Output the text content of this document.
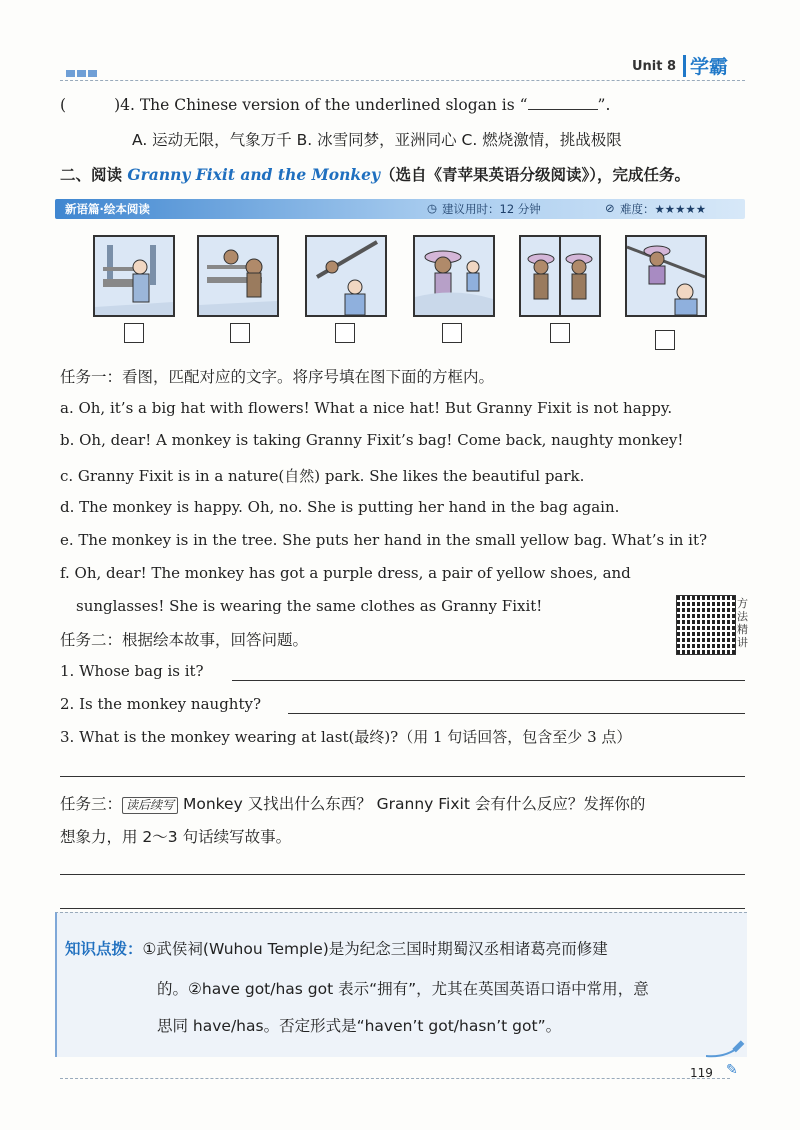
Unit 8 学霸
(	)4. The Chinese version of the underlined slogan is “	”.
A. 运动无限，气象万千 B. 冰雪同梦，亚洲同心 C. 燃烧激情，挑战极限
二、阅读 Granny Fixit and the Monkey（选自《青苹果英语分级阅读》），完成任务。
新语篇·绘本阅读	◷ 建议用时：12 分钟	⊘ 难度：★★★★★
任务一：看图，匹配对应的文字。将序号填在图下面的方框内。
a. Oh, it’s a big hat with flowers! What a nice hat! But Granny Fixit is not happy.
b. Oh, dear! A monkey is taking Granny Fixit’s bag! Come back, naughty monkey!
c. Granny Fixit is in a nature(自然) park. She likes the beautiful park.
d. The monkey is happy. Oh, no. She is putting her hand in the bag again.
e. The monkey is in the tree. She puts her hand in the small yellow bag. What’s in it?
f. Oh, dear! The monkey has got a purple dress, a pair of yellow shoes, and
sunglasses! She is wearing the same clothes as Granny Fixit!	方法精讲
任务二：根据绘本故事，回答问题。
1. Whose bag is it?
2. Is the monkey naughty?
3. What is the monkey wearing at last(最终)?（用 1 句话回答，包含至少 3 点）
任务三： 读后续写 Monkey 又找出什么东西？ Granny Fixit 会有什么反应？发挥你的
想象力，用 2～3 句话续写故事。
知识点拨：①武侯祠(Wuhou Temple)是为纪念三国时期蜀汉丞相诸葛亮而修建
的。②have got/has got 表示“拥有”，尤其在英国英语口语中常用，意
思同 have/has。否定形式是“haven’t got/hasn’t got”。
119 ✎
